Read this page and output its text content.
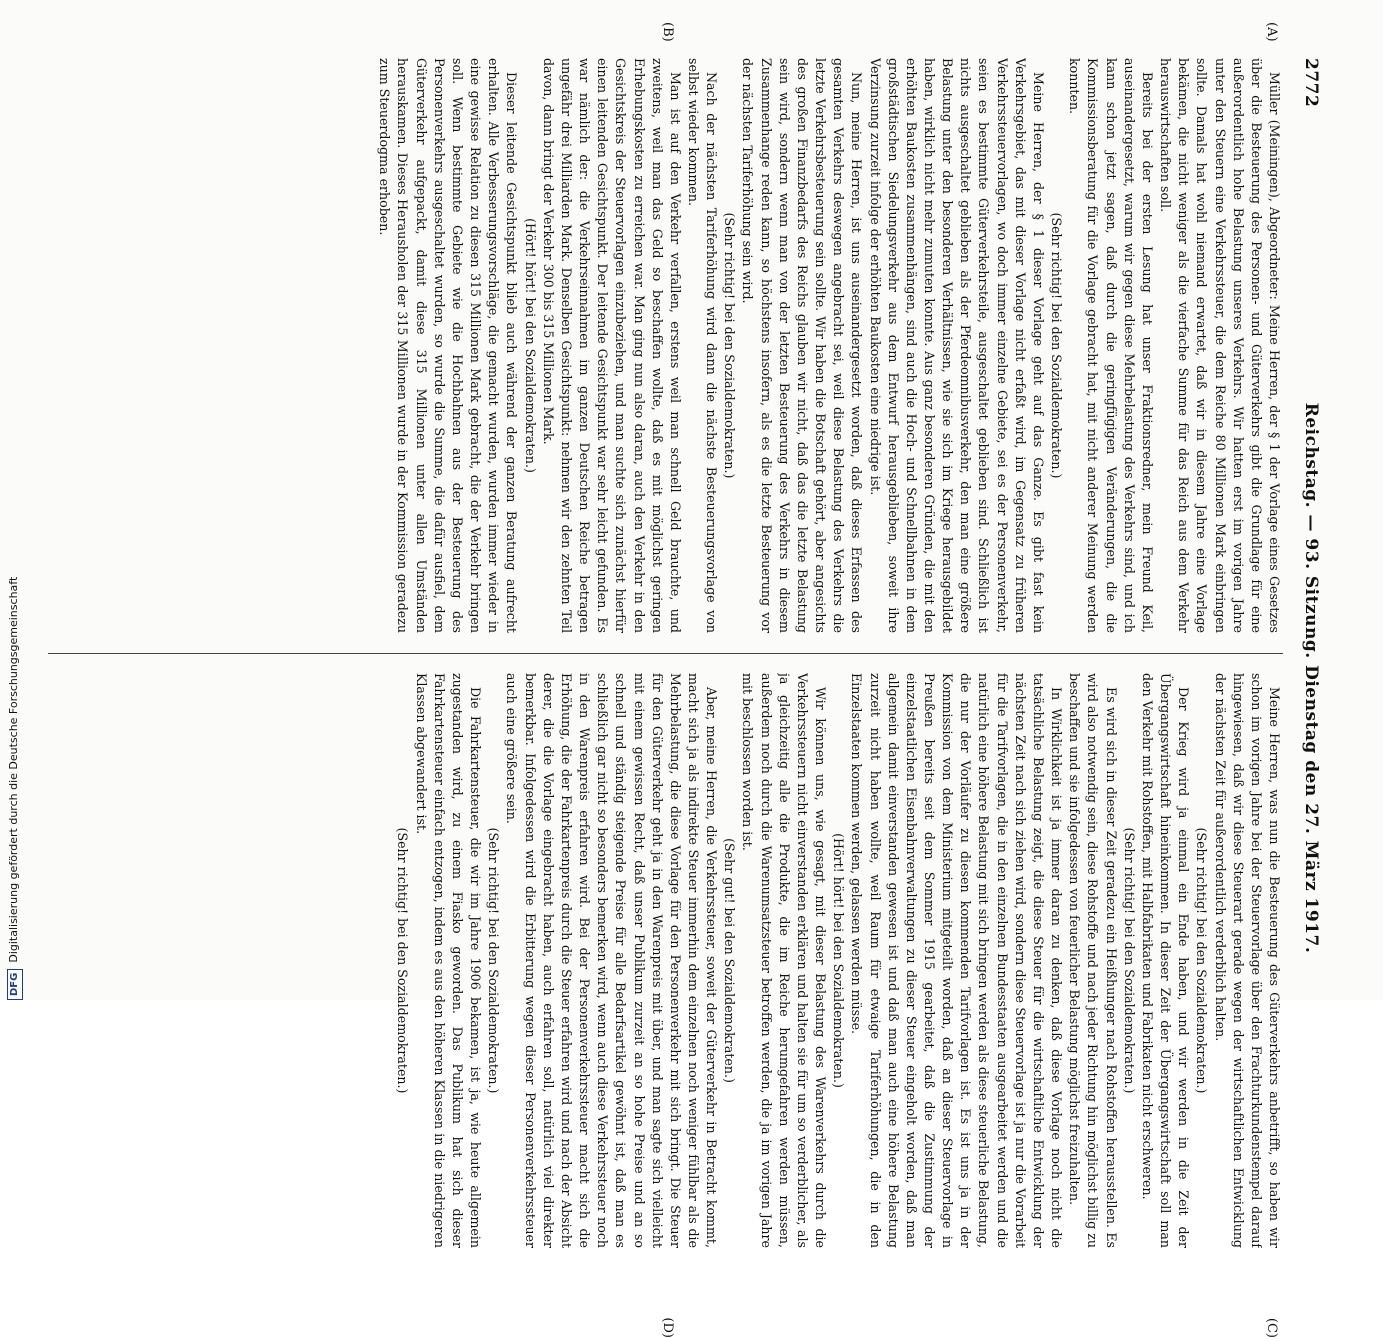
2772
Reichstag. — 93. Sitzung. Dienstag den 27. März 1917.
(A)
(B)
(C)
(D)

Müller (Meiningen), Abgeordneter: Meine Herren, der § 1 der Vorlage eines Gesetzes über die Besteuerung des Personen- und Güterverkehrs gibt die Grundlage für eine außerordentlich hohe Belastung unseres Verkehrs. Wir hatten erst im vorigen Jahre unter den Steuern eine Verkehrssteuer, die dem Reiche 80 Millionen Mark einbringen sollte. Damals hat wohl niemand erwartet, daß wir in diesem Jahre eine Vorlage bekämen, die nicht weniger als die vierfache Summe für das Reich aus dem Verkehr herauswirtschaften soll.

Bereits bei der ersten Lesung hat unser Fraktionsredner, mein Freund Keil, auseinandergesetzt, warum wir gegen diese Mehrbelastung des Verkehrs sind, und ich kann schon jetzt sagen, daß durch die geringfügigen Veränderungen, die die Kommissionsberatung für die Vorlage gebracht hat, mit nicht anderer Meinung werden konnten.

(Sehr richtig! bei den Sozialdemokraten.)

Meine Herren, der § 1 dieser Vorlage geht auf das Ganze. Es gibt fast kein Verkehrsgebiet, das mit dieser Vorlage nicht erfaßt wird, im Gegensatz zu früheren Verkehrssteuervorlagen, wo doch immer einzelne Gebiete, sei es der Personenverkehr, seien es bestimmte Güterverkehrsteile, ausgeschaltet geblieben sind. Schließlich ist nichts ausgeschaltet geblieben als der Pferdeomnibusverkehr, den man eine größere Belastung unter den besonderen Verhältnissen, wie sie sich im Kriege herausgebildet haben, wirklich nicht mehr zumuten konnte. Aus ganz besonderen Gründen, die mit den erhöhten Baukosten zusammenhängen, sind auch die Hoch- und Schnellbahnen in dem großstädtischen Siedelungsverkehr aus dem Entwurf herausgeblieben, soweit ihre Verzinsung zurzeit infolge der erhöhten Baukosten eine niedrige ist.

Nun, meine Herren, ist uns auseinandergesetzt worden, daß dieses Erfassen des gesamten Verkehrs deswegen angebracht sei, weil diese Belastung des Verkehrs die letzte Verkehrsbesteuerung sein sollte. Wir haben die Botschaft gehört, aber angesichts des großen Finanzbedarfs des Reichs glauben wir nicht, daß das die letzte Belastung sein wird, sondern wenn man von der letzten Besteuerung des Verkehrs in diesem Zusammenhange reden kann, so höchstens insofern, als es die letzte Besteuerung vor der nächsten Tariferhöhung sein wird.

(Sehr richtig! bei den Sozialdemokraten.)

Nach der nächsten Tariferhöhung wird dann die nächste Besteuerungsvorlage von selbst wieder kommen.

Man ist auf den Verkehr verfallen, erstens weil man schnell Geld brauchte, und zweitens, weil man das Geld so beschaffen wollte, daß es mit möglichst geringen Erhebungskosten zu erreichen war. Man ging nun also daran, auch den Verkehr in den Gesichtskreis der Steuervorlagen einzubeziehen, und man suchte sich zunächst hierfür einen leitenden Gesichtspunkt. Der leitende Gesichtspunkt war sehr leicht gefunden. Es war nämlich der: die Verkehrseinnahmen im ganzen Deutschen Reiche betragen ungefähr drei Milliarden Mark. Denselben Gesichtspunkt: nehmen wir den zehnten Teil davon, dann bringt der Verkehr 300 bis 315 Millionen Mark.

(Hört! hört! bei den Sozialdemokraten.)

Dieser leitende Gesichtspunkt blieb auch während der ganzen Beratung aufrecht erhalten. Alle Verbesserungsvorschläge, die gemacht wurden, wurden immer wieder in eine gewisse Relation zu diesen 315 Millionen Mark gebracht, die der Verkehr bringen soll. Wenn bestimmte Gebiete wie die Hochbahnen aus der Besteuerung des Personenverkehrs ausgeschaltet wurden, so wurde die Summe, die dafür ausfiel, dem Güterverkehr aufgepackt, damit diese 315 Millionen unter allen Umständen herauskamen. Dieses Herausholen der 315 Millionen wurde in der Kommission geradezu zum Steuerdogma erhoben.

Meine Herren, was nun die Besteuerung des Güterverkehrs anbetrifft, so haben wir schon im vorigen Jahre bei der Steuervorlage über den Frachturkundenstempel darauf hingewiesen, daß wir diese Steuerart gerade wegen der wirtschaftlichen Entwicklung der nächsten Zeit für außerordentlich verderblich halten.

(Sehr richtig! bei den Sozialdemokraten.)

Der Krieg wird ja einmal ein Ende haben, und wir werden in die Zeit der Übergangswirtschaft hineinkommen. In dieser Zeit der Übergangswirtschaft soll man den Verkehr mit Rohstoffen, mit Halbfabrikaten und Fabrikaten nicht erschweren.

(Sehr richtig! bei den Sozialdemokraten.)

Es wird sich in dieser Zeit geradezu ein Heißhunger nach Rohstoffen herausstellen. Es wird also notwendig sein, diese Rohstoffe und nach jeder Richtung hin möglichst billig zu beschaffen und sie infolgedessen von feuerlicher Belastung möglichst freizuhalten.

In Wirklichkeit ist ja immer daran zu denken, daß diese Vorlage noch nicht die tatsächliche Belastung zeigt, die diese Steuer für die wirtschaftliche Entwicklung der nächsten Zeit nach sich ziehen wird, sondern diese Steuervorlage ist ja nur die Vorarbeit für die Tarifvorlagen, die in den einzelnen Bundesstaaten ausgearbeitet werden und die natürlich eine höhere Belastung mit sich bringen werden als diese steuerliche Belastung, die nur der Vorläufer zu diesen kommenden Tarifvorlagen ist. Es ist uns ja in der Kommission von dem Ministerium mitgeteilt worden, daß an dieser Steuervorlage in Preußen bereits seit dem Sommer 1915 gearbeitet, daß die Zustimmung der einzelstaatlichen Eisenbahnverwaltungen zu dieser Steuer eingeholt worden, daß man allgemein damit einverstanden gewesen ist und daß man auch eine höhere Belastung zurzeit nicht haben wollte, weil Raum für etwaige Tariferhöhungen, die in den Einzelstaaten kommen werden, gelassen werden müsse.

(Hört! hört! bei den Sozialdemokraten.)

Wir können uns, wie gesagt, mit dieser Belastung des Warenverkehrs durch die Verkehrssteuern nicht einverstanden erklären und halten sie für um so verderblicher, als ja gleichzeitig alle die Produkte, die im Reiche herumgefahren werden müssen, außerdem noch durch die Warenumsatzsteuer betroffen werden, die ja im vorigen Jahre mit beschlossen worden ist.

(Sehr gut! bei den Sozialdemokraten.)

Aber, meine Herren, die Verkehrssteuer, soweit der Güterverkehr in Betracht kommt, macht sich ja als indirekte Steuer immerhin dem einzelnen noch weniger fühlbar als die Mehrbelastung, die diese Vorlage für den Personenverkehr mit sich bringt. Die Steuer für den Güterverkehr geht ja in den Warenpreis mit über, und man sagte sich vielleicht mit einem gewissen Recht, daß unser Publikum zurzeit an so hohe Preise und an so schnell und ständig steigende Preise für alle Bedarfsartikel gewöhnt ist, daß man es schließlich gar nicht so besonders bemerken wird, wenn auch diese Verkehrssteuer noch in den Warenpreis erfahren wird. Bei der Personenverkehrssteuer macht sich die Erhöhung, die der Fahrkartenpreis durch die Steuer erfahren wird und nach der Absicht derer, die die Vorlage eingebracht haben, auch erfahren soll, natürlich viel direkter bemerkbar. Infolgedessen wird die Erbitterung wegen dieser Personenverkehrssteuer auch eine größere sein.

(Sehr richtig! bei den Sozialdemokraten.)

Die Fahrkartensteuer, die wir im Jahre 1906 bekamen, ist ja, wie heute allgemein zugestanden wird, zu einem Fiasko geworden. Das Publikum hat sich dieser Fahrkartensteuer einfach entzogen, indem es aus den höheren Klassen in die niedrigeren Klassen abgewandert ist.

(Sehr richtig! bei den Sozialdemokraten.)

DFGDigitalisierung gefördert durch die Deutsche Forschungsgemeinschaft
